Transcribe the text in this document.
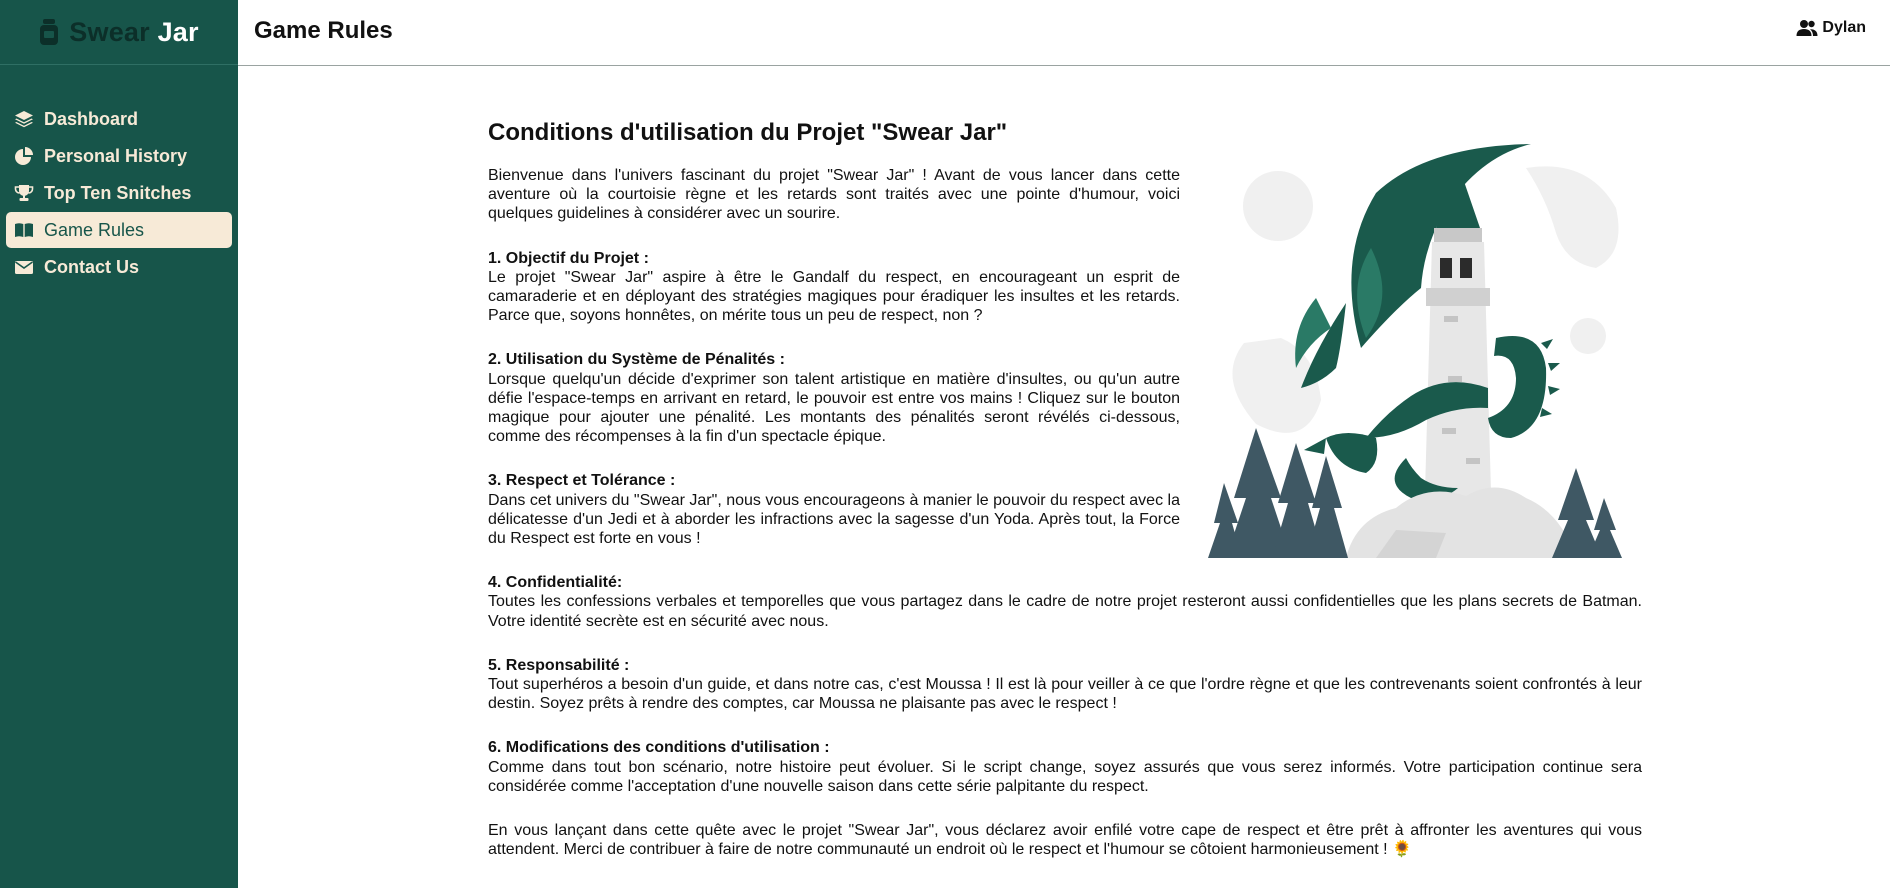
Swear Jar
Dashboard
Personal History
Top Ten Snitches
Game Rules
Contact Us
Game Rules	Dylan
Conditions d'utilisation du Projet "Swear Jar"

Bienvenue dans l'univers fascinant du projet "Swear Jar" ! Avant de vous lancer dans cette aventure où la courtoisie règne et les retards sont traités avec une pointe d'humour, voici quelques guidelines à considérer avec un sourire.

1. Objectif du Projet :
Le projet "Swear Jar" aspire à être le Gandalf du respect, en encourageant un esprit de camaraderie et en déployant des stratégies magiques pour éradiquer les insultes et les retards. Parce que, soyons honnêtes, on mérite tous un peu de respect, non ?

2. Utilisation du Système de Pénalités :
Lorsque quelqu'un décide d'exprimer son talent artistique en matière d'insultes, ou qu'un autre défie l'espace-temps en arrivant en retard, le pouvoir est entre vos mains ! Cliquez sur le bouton magique pour ajouter une pénalité. Les montants des pénalités seront révélés ci-dessous, comme des récompenses à la fin d'un spectacle épique.

3. Respect et Tolérance :
Dans cet univers du "Swear Jar", nous vous encourageons à manier le pouvoir du respect avec la délicatesse d'un Jedi et à aborder les infractions avec la sagesse d'un Yoda. Après tout, la Force du Respect est forte en vous !

4. Confidentialité:
Toutes les confessions verbales et temporelles que vous partagez dans le cadre de notre projet resteront aussi confidentielles que les plans secrets de Batman. Votre identité secrète est en sécurité avec nous.

5. Responsabilité :
Tout superhéros a besoin d'un guide, et dans notre cas, c'est Moussa ! Il est là pour veiller à ce que l'ordre règne et que les contrevenants soient confrontés à leur destin. Soyez prêts à rendre des comptes, car Moussa ne plaisante pas avec le respect !

6. Modifications des conditions d'utilisation :
Comme dans tout bon scénario, notre histoire peut évoluer. Si le script change, soyez assurés que vous serez informés. Votre participation continue sera considérée comme l'acceptation d'une nouvelle saison dans cette série palpitante du respect.

En vous lançant dans cette quête avec le projet "Swear Jar", vous déclarez avoir enfilé votre cape de respect et être prêt à affronter les aventures qui vous attendent. Merci de contribuer à faire de notre communauté un endroit où le respect et l'humour se côtoient harmonieusement ! 🌻
